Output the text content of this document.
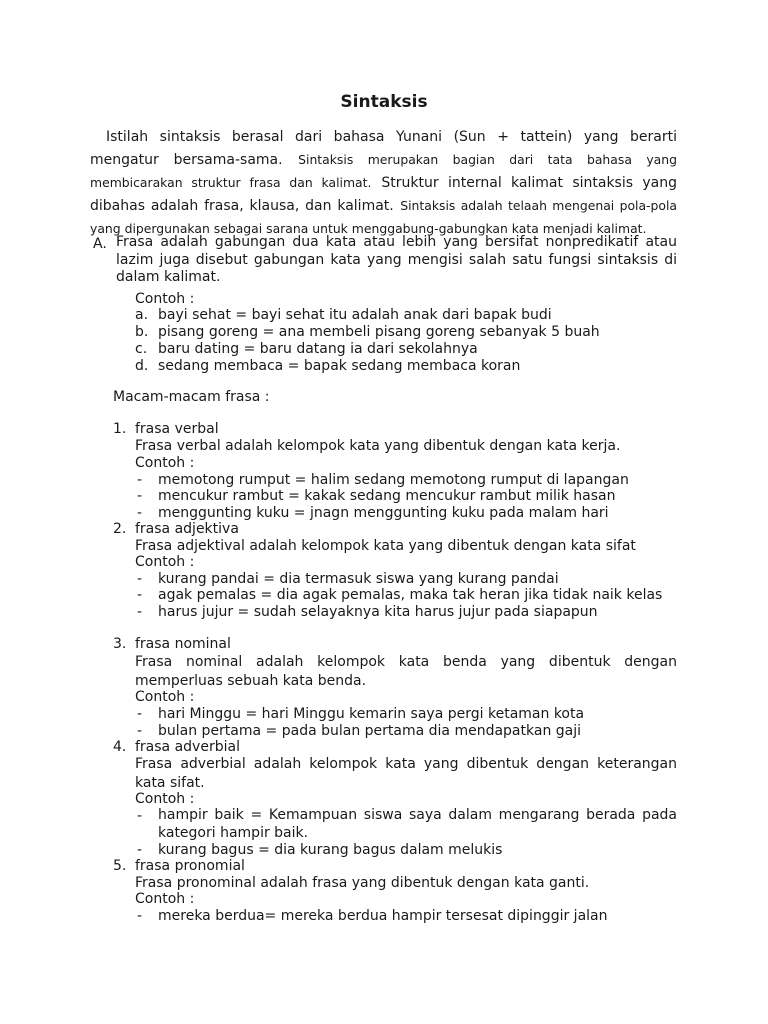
Sintaksis

Istilah sintaksis berasal dari bahasa Yunani (Sun + tattein) yang berarti mengatur bersama-sama. Sintaksis merupakan bagian dari tata bahasa yang membicarakan struktur frasa dan kalimat. Struktur internal kalimat sintaksis yang dibahas adalah frasa, klausa, dan kalimat. Sintaksis adalah telaah mengenai pola-pola yang dipergunakan sebagai sarana untuk menggabung-gabungkan kata menjadi kalimat.

A. Frasa adalah gabungan dua kata atau lebih yang bersifat nonpredikatif atau lazim juga disebut gabungan kata yang mengisi salah satu fungsi sintaksis di dalam kalimat.

Contoh :
a. bayi sehat = bayi sehat itu adalah anak dari bapak budi
b. pisang goreng = ana membeli pisang goreng sebanyak 5 buah
c. baru dating = baru datang ia dari sekolahnya
d. sedang membaca = bapak sedang membaca koran
Macam-macam frasa :
1. frasa verbal
Frasa verbal adalah kelompok kata yang dibentuk dengan kata kerja.
Contoh :
- memotong rumput = halim sedang memotong rumput di lapangan
- mencukur rambut = kakak sedang mencukur rambut milik hasan
- menggunting kuku = jnagn menggunting kuku pada malam hari
2. frasa adjektiva
Frasa adjektival adalah kelompok kata yang dibentuk dengan kata sifat
Contoh :
- kurang pandai = dia termasuk siswa yang kurang pandai
- agak pemalas = dia agak pemalas, maka tak heran jika tidak naik kelas
- harus jujur = sudah selayaknya kita harus jujur pada siapapun
3. frasa nominal

Frasa nominal adalah kelompok kata benda yang dibentuk dengan memperluas sebuah kata benda.

Contoh :
- hari Minggu = hari Minggu kemarin saya pergi ketaman kota
- bulan pertama = pada bulan pertama dia mendapatkan gaji
4. frasa adverbial

Frasa adverbial adalah kelompok kata yang dibentuk dengan keterangan kata sifat.

Contoh :
- hampir baik = Kemampuan siswa saya dalam mengarang berada pada kategori hampir baik.

- kurang bagus = dia kurang bagus dalam melukis
5. frasa pronomial
Frasa pronominal adalah frasa yang dibentuk dengan kata ganti.
Contoh :
- mereka berdua= mereka berdua hampir tersesat dipinggir jalan
